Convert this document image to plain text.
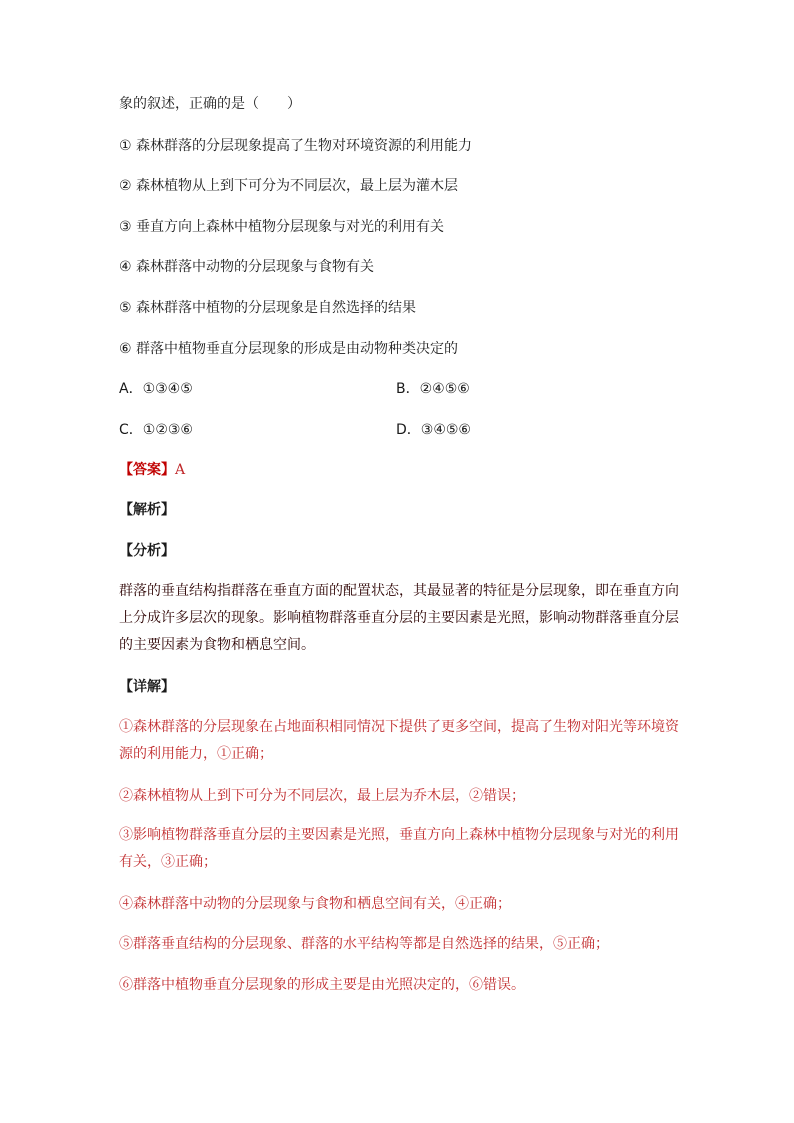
象的叙述，正确的是（　　）
① 森林群落的分层现象提高了生物对环境资源的利用能力
② 森林植物从上到下可分为不同层次，最上层为灌木层
③ 垂直方向上森林中植物分层现象与对光的利用有关
④ 森林群落中动物的分层现象与食物有关
⑤ 森林群落中植物的分层现象是自然选择的结果
⑥ 群落中植物垂直分层现象的形成是由动物种类决定的
A．①③④⑤	B．②④⑤⑥
C．①②③⑥	D．③④⑤⑥
【答案】A
【解析】
【分析】
群落的垂直结构指群落在垂直方面的配置状态，其最显著的特征是分层现象，即在垂直方向上分成许多层次的现象。影响植物群落垂直分层的主要因素是光照，影响动物群落垂直分层的主要因素为食物和栖息空间。
【详解】
①森林群落的分层现象在占地面积相同情况下提供了更多空间，提高了生物对阳光等环境资源的利用能力，①正确；
②森林植物从上到下可分为不同层次，最上层为乔木层，②错误；
③影响植物群落垂直分层的主要因素是光照，垂直方向上森林中植物分层现象与对光的利用有关，③正确；
④森林群落中动物的分层现象与食物和栖息空间有关，④正确；
⑤群落垂直结构的分层现象、群落的水平结构等都是自然选择的结果，⑤正确；
⑥群落中植物垂直分层现象的形成主要是由光照决定的，⑥错误。
